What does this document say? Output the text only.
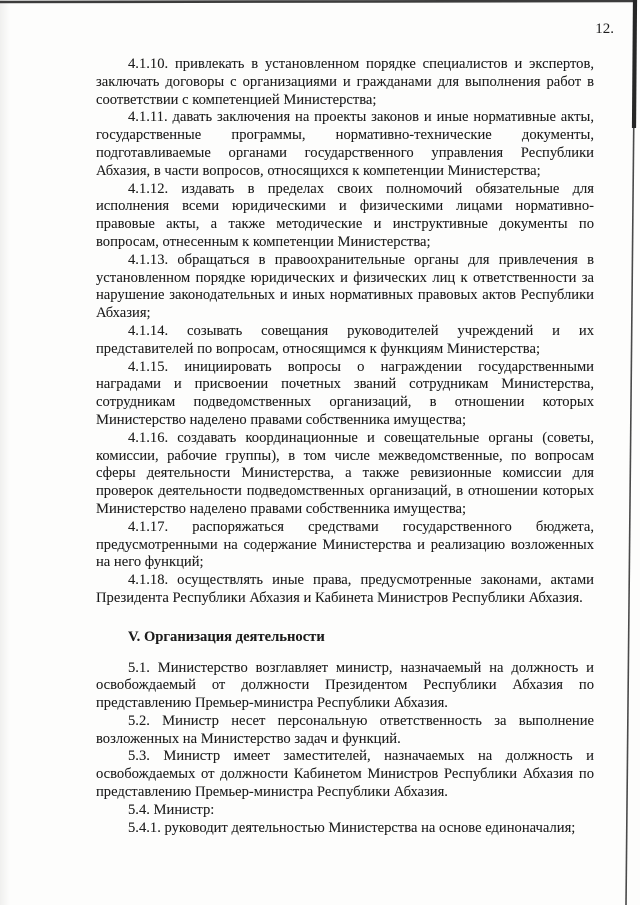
12.

4.1.10. привлекать в установленном порядке специалистов и экспертов, заключать договоры с организациями и гражданами для выполнения работ в соответствии с компетенцией Министерства;

4.1.11. давать заключения на проекты законов и иные нормативные акты, государственные программы, нормативно-технические документы, подготавливаемые органами государственного управления Республики Абхазия, в части вопросов, относящихся к компетенции Министерства;

4.1.12. издавать в пределах своих полномочий обязательные для исполнения всеми юридическими и физическими лицами нормативно-правовые акты, а также методические и инструктивные документы по вопросам, отнесенным к компетенции Министерства;

4.1.13. обращаться в правоохранительные органы для привлечения в установленном порядке юридических и физических лиц к ответственности за нарушение законодательных и иных нормативных правовых актов Республики Абхазия;

4.1.14. созывать совещания руководителей учреждений и их представителей по вопросам, относящимся к функциям Министерства;

4.1.15. инициировать вопросы о награждении государственными наградами и присвоении почетных званий сотрудникам Министерства, сотрудникам подведомственных организаций, в отношении которых Министерство наделено правами собственника имущества;

4.1.16. создавать координационные и совещательные органы (советы, комиссии, рабочие группы), в том числе межведомственные, по вопросам сферы деятельности Министерства, а также ревизионные комиссии для проверок деятельности подведомственных организаций, в отношении которых Министерство наделено правами собственника имущества;

4.1.17. распоряжаться средствами государственного бюджета, предусмотренными на содержание Министерства и реализацию возложенных на него функций;

4.1.18. осуществлять иные права, предусмотренные законами, актами Президента Республики Абхазия и Кабинета Министров Республики Абхазия.

V. Организация деятельности

5.1. Министерство возглавляет министр, назначаемый на должность и освобождаемый от должности Президентом Республики Абхазия по представлению Премьер-министра Республики Абхазия.

5.2. Министр несет персональную ответственность за выполнение возложенных на Министерство задач и функций.

5.3. Министр имеет заместителей, назначаемых на должность и освобождаемых от должности Кабинетом Министров Республики Абхазия по представлению Премьер-министра Республики Абхазия.

5.4. Министр:

5.4.1. руководит деятельностью Министерства на основе единоначалия;
